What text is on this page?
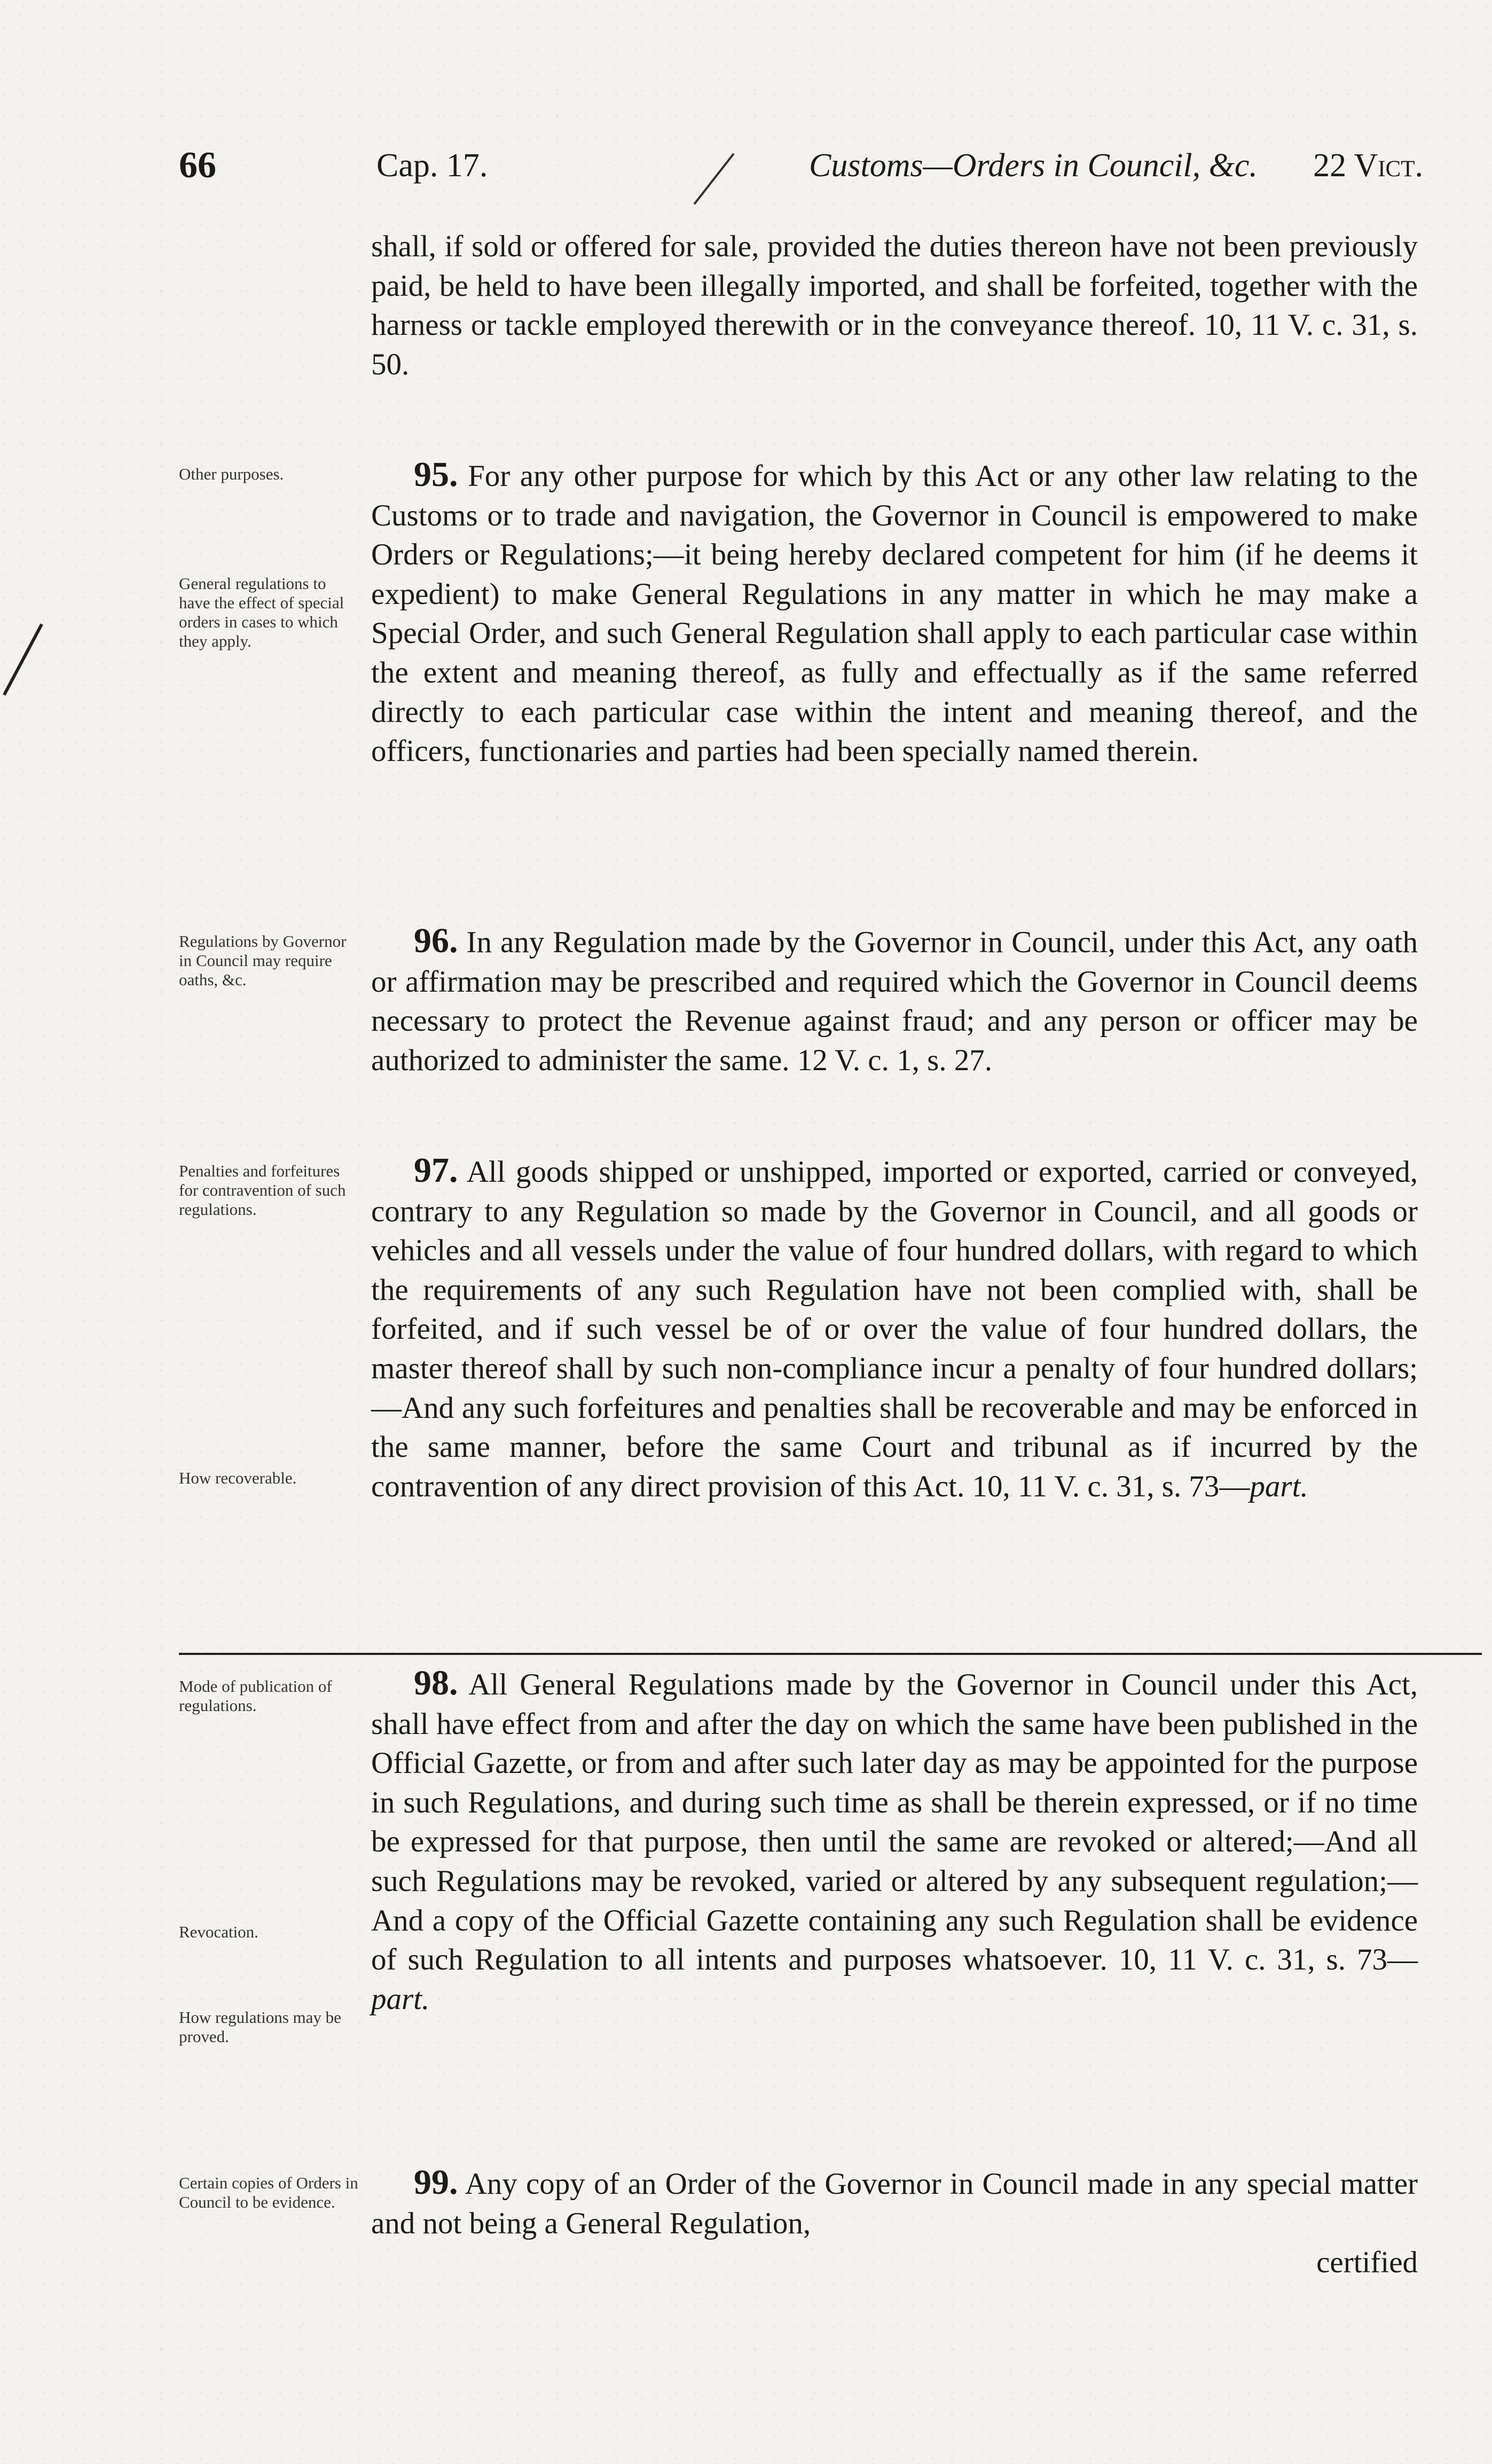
66	Cap. 17.	Customs—Orders in Council, &c. 22 Vict.

shall, if sold or offered for sale, provided the duties thereon have not been previously paid, be held to have been illegally imported, and shall be forfeited, together with the harness or tackle employed therewith or in the conveyance thereof. 10, 11 V. c. 31, s. 50.

Other purposes.
General regulations to have the effect of special orders in cases to which they apply.

95. For any other purpose for which by this Act or any other law relating to the Customs or to trade and navigation, the Governor in Council is empowered to make Orders or Regulations;—it being hereby declared competent for him (if he deems it expedient) to make General Regulations in any matter in which he may make a Special Order, and such General Regulation shall apply to each particular case within the extent and meaning thereof, as fully and effectually as if the same referred directly to each particular case within the intent and meaning thereof, and the officers, functionaries and parties had been specially named therein.

Regulations by Governor in Council may require oaths, &c.

96. In any Regulation made by the Governor in Council, under this Act, any oath or affirmation may be prescribed and required which the Governor in Council deems necessary to protect the Revenue against fraud; and any person or officer may be authorized to administer the same. 12 V. c. 1, s. 27.

Penalties and forfeitures for contravention of such regulations.
How recoverable.

97. All goods shipped or unshipped, imported or exported, carried or conveyed, contrary to any Regulation so made by the Governor in Council, and all goods or vehicles and all vessels under the value of four hundred dollars, with regard to which the requirements of any such Regulation have not been complied with, shall be forfeited, and if such vessel be of or over the value of four hundred dollars, the master thereof shall by such non-compliance incur a penalty of four hundred dollars;—And any such forfeitures and penalties shall be recoverable and may be enforced in the same manner, before the same Court and tribunal as if incurred by the contravention of any direct provision of this Act. 10, 11 V. c. 31, s. 73—part.

Mode of publication of regulations.
Revocation.
How regulations may be proved.

98. All General Regulations made by the Governor in Council under this Act, shall have effect from and after the day on which the same have been published in the Official Gazette, or from and after such later day as may be appointed for the purpose in such Regulations, and during such time as shall be therein expressed, or if no time be expressed for that purpose, then until the same are revoked or altered;—And all such Regulations may be revoked, varied or altered by any subsequent regulation;—And a copy of the Official Gazette containing any such Regulation shall be evidence of such Regulation to all intents and purposes whatsoever. 10, 11 V. c. 31, s. 73—part.

Certain copies of Orders in Council to be evidence.

99. Any copy of an Order of the Governor in Council made in any special matter and not being a General Regulation,

certified
